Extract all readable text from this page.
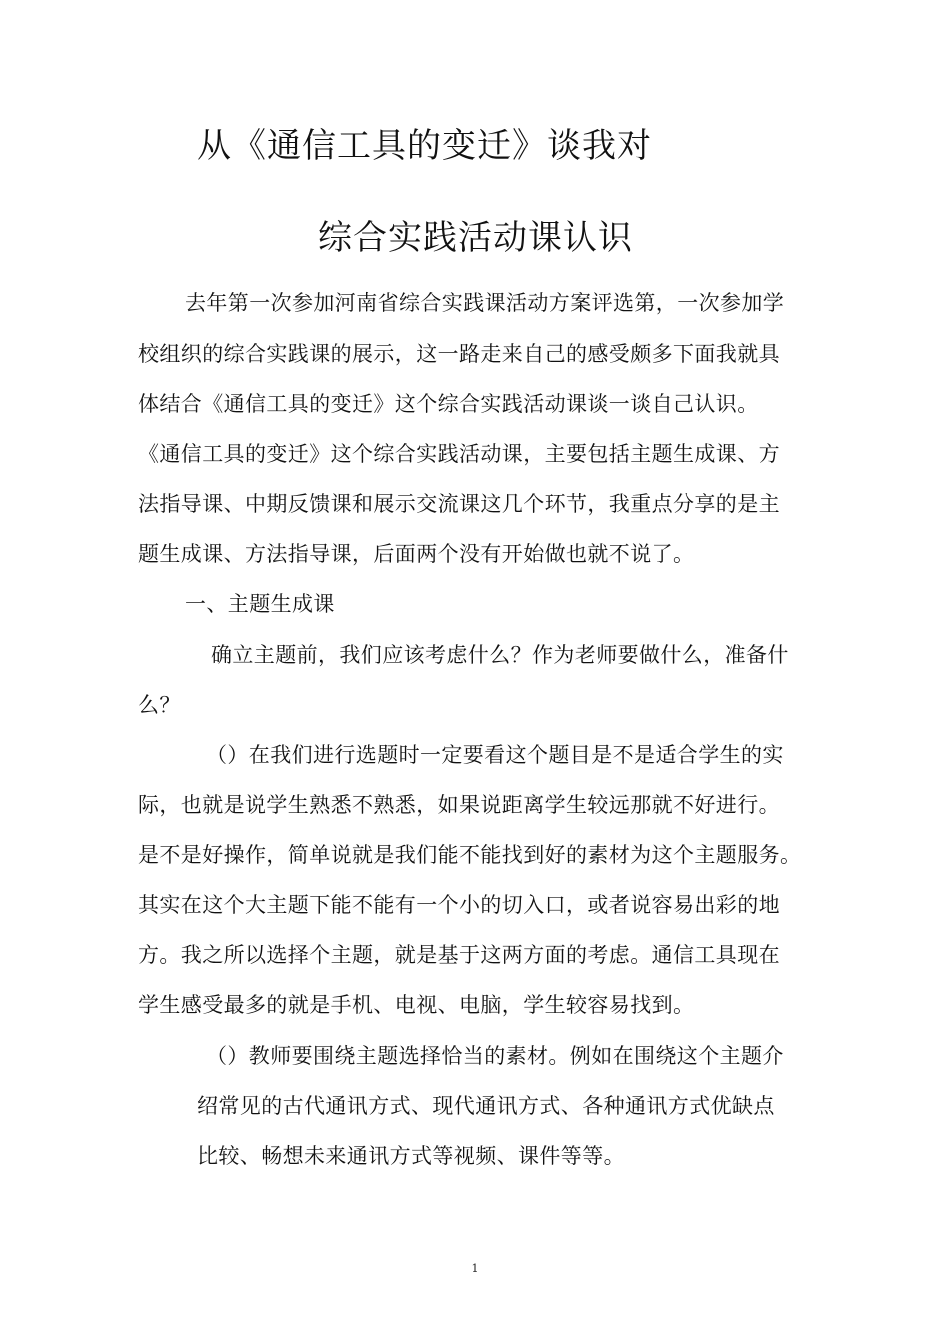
从《通信工具的变迁》谈我对
综合实践活动课认识
去年第一次参加河南省综合实践课活动方案评选第，一次参加学
校组织的综合实践课的展示，这一路走来自己的感受颇多下面我就具
体结合《通信工具的变迁》这个综合实践活动课谈一谈自己认识。
《通信工具的变迁》这个综合实践活动课，主要包括主题生成课、方
法指导课、中期反馈课和展示交流课这几个环节，我重点分享的是主
题生成课、方法指导课，后面两个没有开始做也就不说了。
一、主题生成课
确立主题前，我们应该考虑什么？作为老师要做什么，准备什
么？
（）在我们进行选题时一定要看这个题目是不是适合学生的实
际，也就是说学生熟悉不熟悉，如果说距离学生较远那就不好进行。
是不是好操作，简单说就是我们能不能找到好的素材为这个主题服务。
其实在这个大主题下能不能有一个小的切入口，或者说容易出彩的地
方。我之所以选择个主题，就是基于这两方面的考虑。通信工具现在
学生感受最多的就是手机、电视、电脑，学生较容易找到。
（）教师要围绕主题选择恰当的素材。例如在围绕这个主题介
绍常见的古代通讯方式、现代通讯方式、各种通讯方式优缺点
比较、畅想未来通讯方式等视频、课件等等。
1
